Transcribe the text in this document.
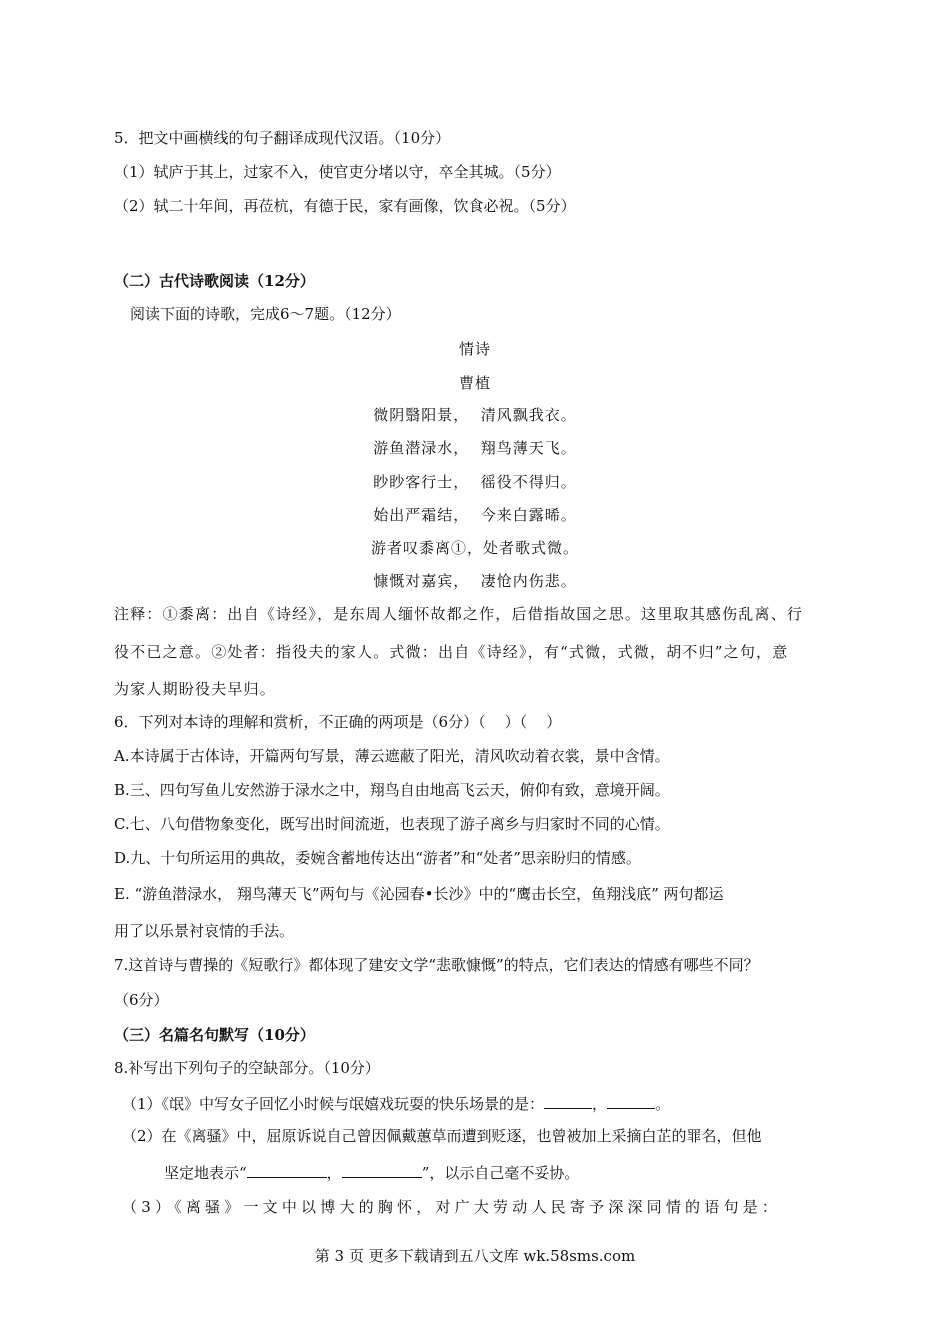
5．把文中画横线的句子翻译成现代汉语。（10分）
（1）轼庐于其上，过家不入，使官吏分堵以守，卒全其城。（5分）
（2）轼二十年间，再莅杭，有德于民，家有画像，饮食必祝。（5分）
（二）古代诗歌阅读（12分）
阅读下面的诗歌，完成6～7题。（12分）
情诗
曹植
微阴翳阳景，  清风飘我衣。
游鱼潜渌水，  翔鸟薄天飞。
眇眇客行士，  徭役不得归。
始出严霜结，  今来白露晞。
游者叹黍离①，处者歌式微。
慷慨对嘉宾，  凄怆内伤悲。
注释：①黍离：出自《诗经》，是东周人缅怀故都之作，后借指故国之思。这里取其感伤乱离、行
役不已之意。②处者：指役夫的家人。式微：出自《诗经》，有“式微，式微，胡不归”之句，意
为家人期盼役夫早归。
6．下列对本诗的理解和赏析，不正确的两项是（6分）（    ）（    ）
A.本诗属于古体诗，开篇两句写景，薄云遮蔽了阳光，清风吹动着衣裳，景中含情。
B.三、四句写鱼儿安然游于渌水之中，翔鸟自由地高飞云天，俯仰有致，意境开阔。
C.七、八句借物象变化，既写出时间流逝，也表现了游子离乡与归家时不同的心情。
D.九、十句所运用的典故，委婉含蓄地传达出“游者”和“处者”思亲盼归的情感。
E. “游鱼潜渌水， 翔鸟薄天飞”两句与《沁园春•长沙》中的“鹰击长空，鱼翔浅底” 两句都运
用了以乐景衬哀情的手法。
7.这首诗与曹操的《短歌行》都体现了建安文学“悲歌慷慨”的特点，它们表达的情感有哪些不同？
（6分）
（三）名篇名句默写（10分）
8.补写出下列句子的空缺部分。（10分）
（1）《氓》中写女子回忆小时候与氓嬉戏玩耍的快乐场景的是：	，	。
（2）在《离骚》中，屈原诉说自己曾因佩戴蕙草而遭到贬逐，也曾被加上采摘白芷的罪名，但他
坚定地表示“	，	”，以示自己毫不妥协。
（3）《离骚》一文中以博大的胸怀，对广大劳动人民寄予深深同情的语句是：
第 3 页 更多下载请到五八文库 wk.58sms.com
